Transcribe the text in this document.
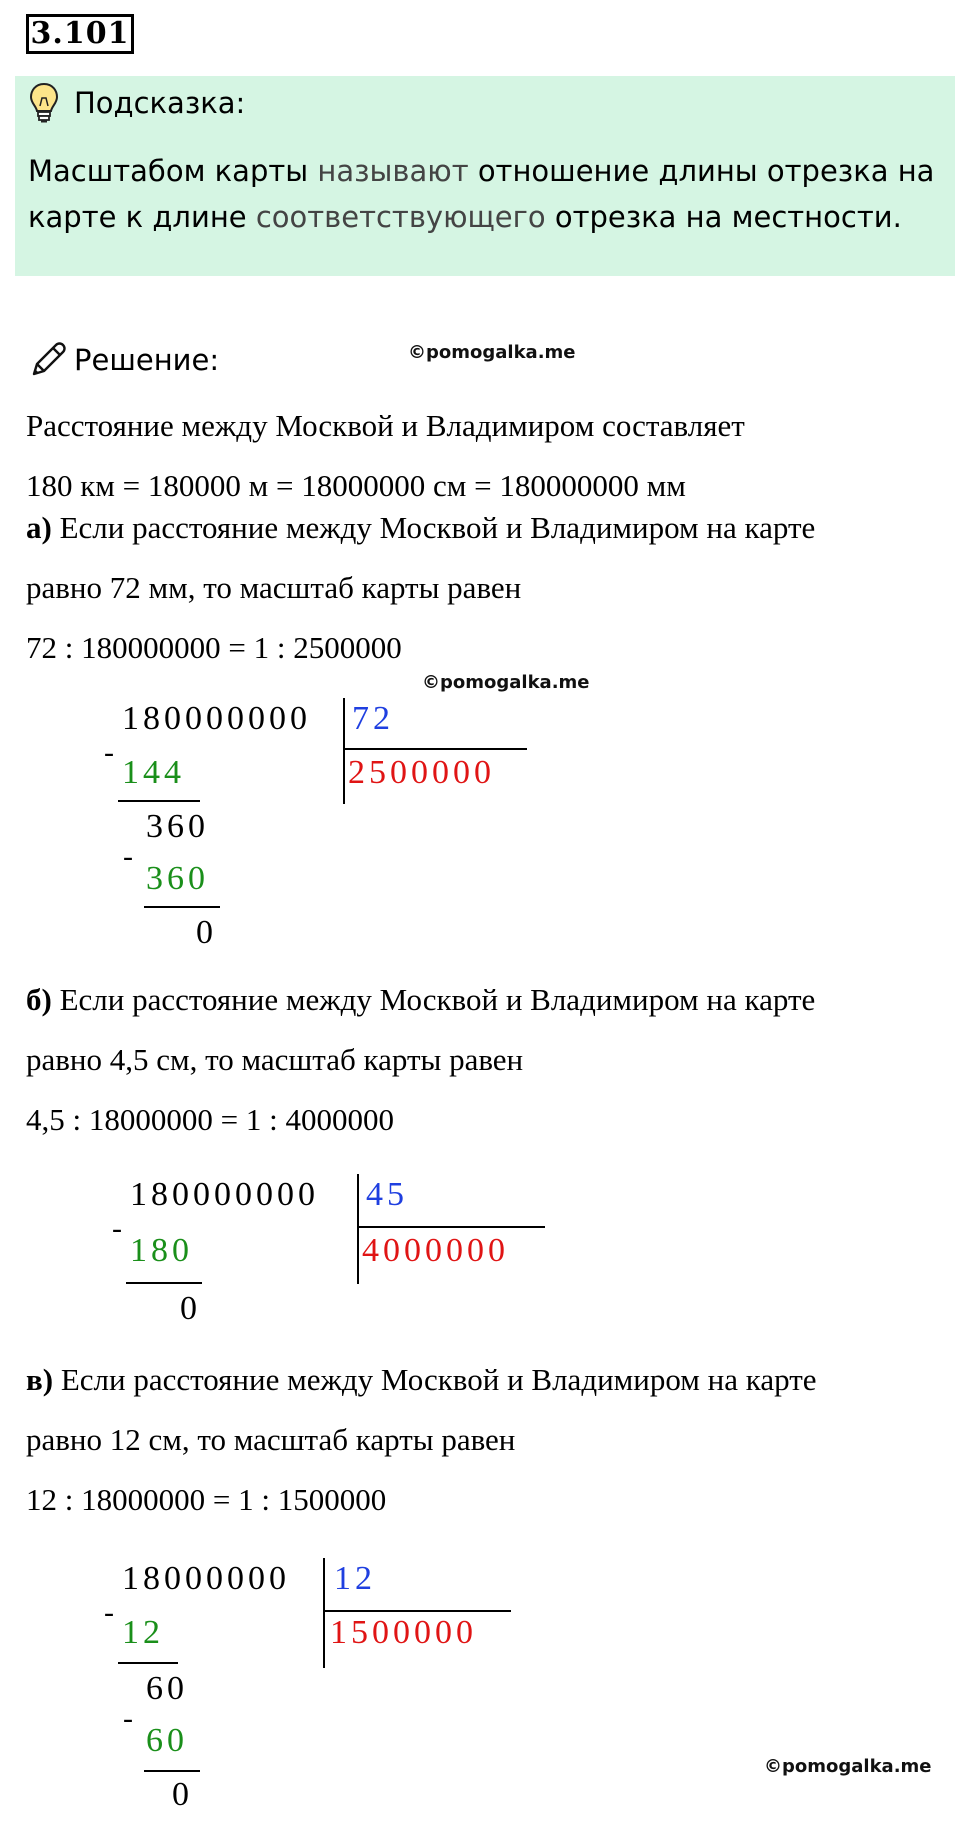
3.101
Подсказка:
Масштабом карты называют отношение длины отрезка на
карте к длине соответствующего отрезка на местности.
Решение:	©pomogalka.me
Расстояние между Москвой и Владимиром составляет
180 км = 180000 м = 18000000 см = 180000000 мм
а) Если расстояние между Москвой и Владимиром на карте
равно 72 мм, то масштаб карты равен
72 : 180000000 = 1 : 2500000
©pomogalka.me
180000000 72
2500000
-
144
360
-
360
0
б) Если расстояние между Москвой и Владимиром на карте
равно 4,5 см, то масштаб карты равен
4,5 : 18000000 = 1 : 4000000
180000000 45
4000000
-
180
0
в) Если расстояние между Москвой и Владимиром на карте
равно 12 см, то масштаб карты равен
12 : 18000000 = 1 : 1500000
18000000 12
1500000
-
12
60
-
60
0
©pomogalka.me
